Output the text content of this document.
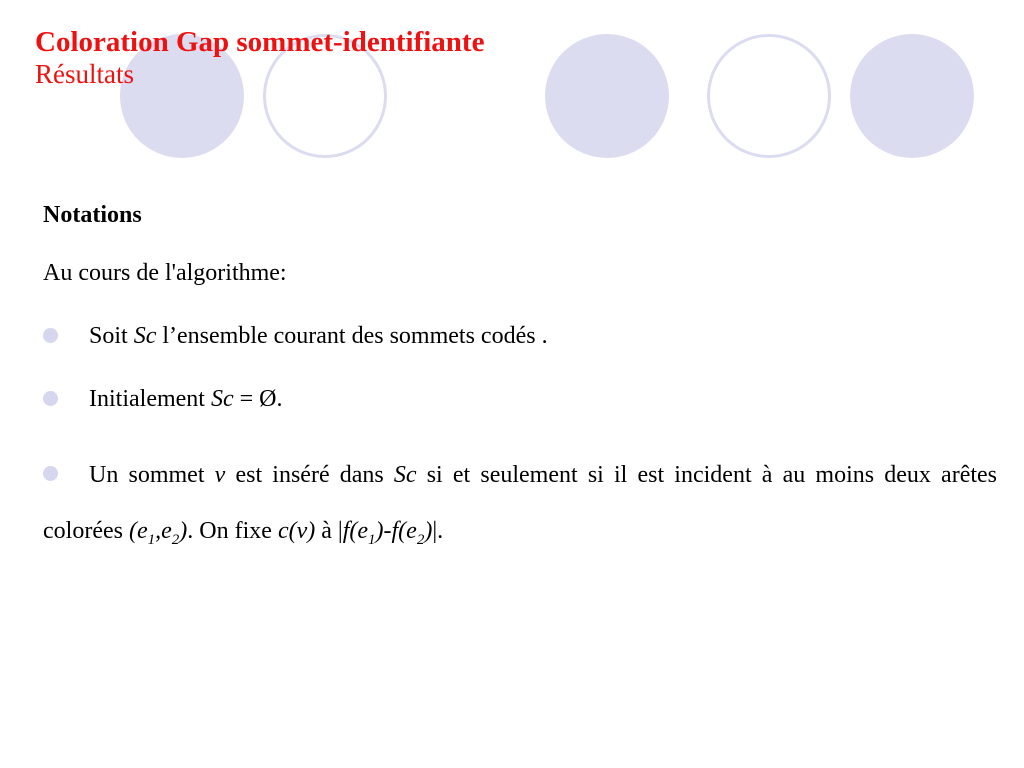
Coloration Gap sommet-identifiante
Résultats
Notations
Au cours de l'algorithme:
Soit Sc l’ensemble courant des sommets codés .
Initialement Sc = Ø.
Un sommet v est inséré dans Sc si et seulement si il est incident à au moins deux arêtes colorées $(e_1,e_2)$. On fixe c(v) à $|f(e_1)-f(e_2)|$.
